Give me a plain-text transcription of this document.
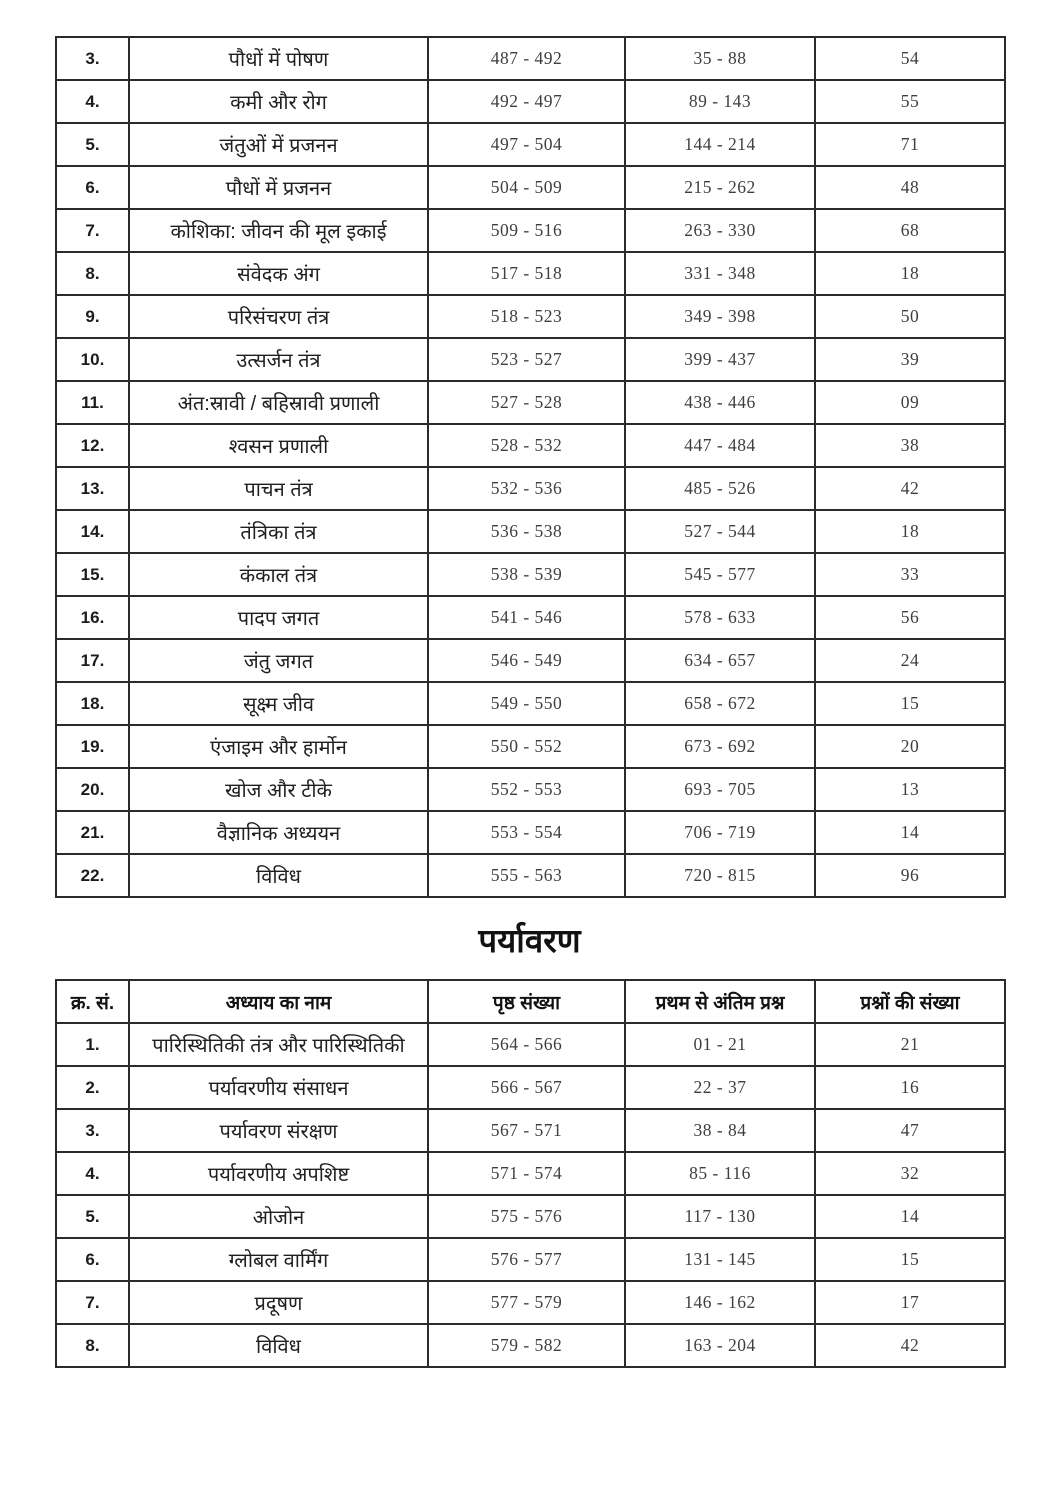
3.	पौधों में पोषण	487 - 492	35 - 88	54
4.	कमी और रोग	492 - 497	89 - 143	55
5.	जंतुओं में प्रजनन	497 - 504	144 - 214	71
6.	पौधों में प्रजनन	504 - 509	215 - 262	48
7.	कोशिका: जीवन की मूल इकाई	509 - 516	263 - 330	68
8.	संवेदक अंग	517 - 518	331 - 348	18
9.	परिसंचरण तंत्र	518 - 523	349 - 398	50
10.	उत्सर्जन तंत्र	523 - 527	399 - 437	39
11.	अंत:स्रावी / बहिस्रावी प्रणाली	527 - 528	438 - 446	09
12.	श्वसन प्रणाली	528 - 532	447 - 484	38
13.	पाचन तंत्र	532 - 536	485 - 526	42
14.	तंत्रिका तंत्र	536 - 538	527 - 544	18
15.	कंकाल तंत्र	538 - 539	545 - 577	33
16.	पादप जगत	541 - 546	578 - 633	56
17.	जंतु जगत	546 - 549	634 - 657	24
18.	सूक्ष्म जीव	549 - 550	658 - 672	15
19.	एंजाइम और हार्मोन	550 - 552	673 - 692	20
20.	खोज और टीके	552 - 553	693 - 705	13
21.	वैज्ञानिक अध्ययन	553 - 554	706 - 719	14
22.	विविध	555 - 563	720 - 815	96
पर्यावरण
क्र. सं.	अध्याय का नाम	पृष्ठ संख्या	प्रथम से अंतिम प्रश्न	प्रश्नों की संख्या
1.	पारिस्थितिकी तंत्र और पारिस्थितिकी	564 - 566	01 - 21	21
2.	पर्यावरणीय संसाधन	566 - 567	22 - 37	16
3.	पर्यावरण संरक्षण	567 - 571	38 - 84	47
4.	पर्यावरणीय अपशिष्ट	571 - 574	85 - 116	32
5.	ओजोन	575 - 576	117 - 130	14
6.	ग्लोबल वार्मिंग	576 - 577	131 - 145	15
7.	प्रदूषण	577 - 579	146 - 162	17
8.	विविध	579 - 582	163 - 204	42
